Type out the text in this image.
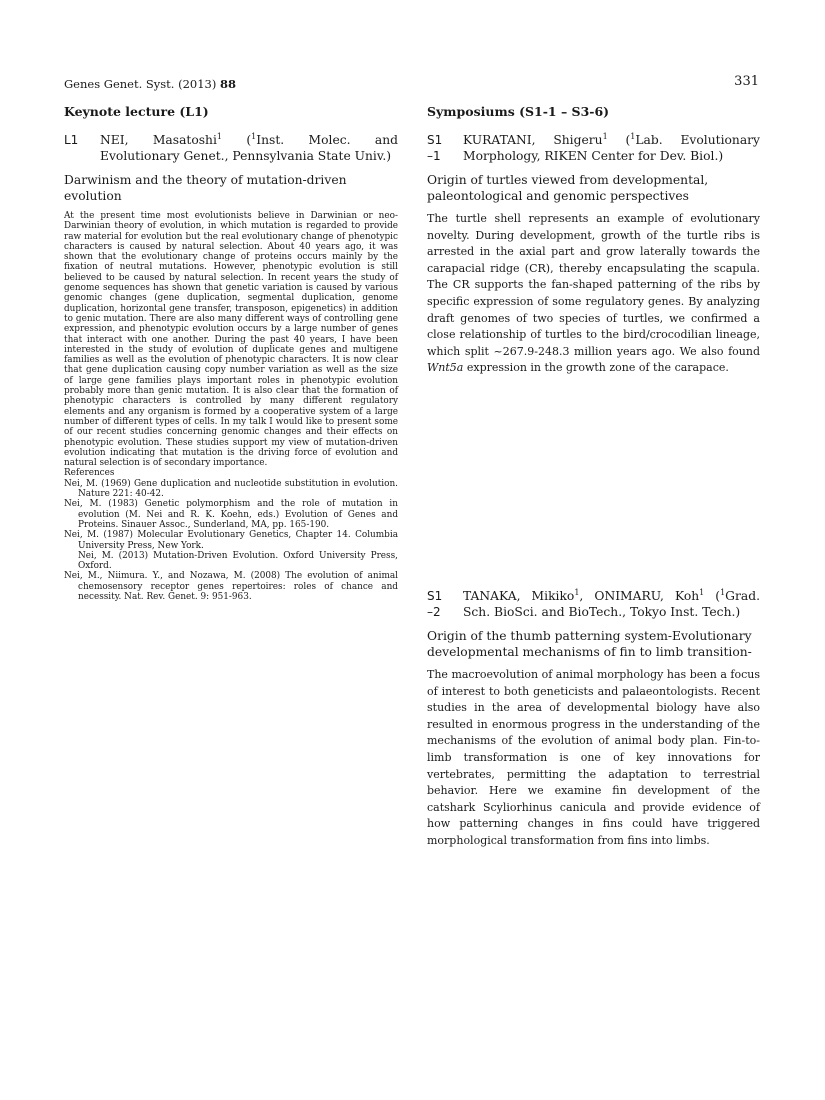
Genes Genet. Syst. (2013) 88	331
Keynote lecture (L1)
L1	NEI, Masatoshi$^1$ ($^1$Inst. Molec. and Evolutionary Genet., Pennsylvania State Univ.)
Darwinism and the theory of mutation-driven evolution

At the present time most evolutionists believe in Darwinian or neo-Darwinian theory of evolution, in which mutation is regarded to provide raw material for evolution but the real evolutionary change of phenotypic characters is caused by natural selection. About 40 years ago, it was shown that the evolutionary change of proteins occurs mainly by the fixation of neutral mutations. However, phenotypic evolution is still believed to be caused by natural selection. In recent years the study of genome sequences has shown that genetic variation is caused by various genomic changes (gene duplication, segmental duplication, genome duplication, horizontal gene transfer, transposon, epigenetics) in addition to genic mutation. There are also many different ways of controlling gene expression, and phenotypic evolution occurs by a large number of genes that interact with one another. During the past 40 years, I have been interested in the study of evolution of duplicate genes and multigene families as well as the evolution of phenotypic characters. It is now clear that gene duplication causing copy number variation as well as the size of large gene families plays important roles in phenotypic evolution probably more than genic mutation. It is also clear that the formation of phenotypic characters is controlled by many different regulatory elements and any organism is formed by a cooperative system of a large number of different types of cells. In my talk I would like to present some of our recent studies concerning genomic changes and their effects on phenotypic evolution. These studies support my view of mutation-driven evolution indicating that mutation is the driving force of evolution and natural selection is of secondary importance.

References

Nei, M. (1969) Gene duplication and nucleotide substitution in evolution. Nature 221: 40-42.

Nei, M. (1983) Genetic polymorphism and the role of mutation in evolution (M. Nei and R. K. Koehn, eds.) Evolution of Genes and Proteins. Sinauer Assoc., Sunderland, MA, pp. 165-190.

Nei, M. (1987) Molecular Evolutionary Genetics, Chapter 14. Columbia University Press, New York.

Nei, M. (2013) Mutation-Driven Evolution. Oxford University Press, Oxford.

Nei, M., Niimura. Y., and Nozawa, M. (2008) The evolution of animal chemosensory receptor genes repertoires: roles of chance and necessity. Nat. Rev. Genet. 9: 951-963.

Symposiums (S1-1 – S3-6)
S1
–1
KURATANI, Shigeru$^1$ ($^1$Lab. Evolutionary Morphology, RIKEN Center for Dev. Biol.)
Origin of turtles viewed from developmental, paleontological and genomic perspectives

The turtle shell represents an example of evolutionary novelty. During development, growth of the turtle ribs is arrested in the axial part and grow laterally towards the carapacial ridge (CR), thereby encapsulating the scapula. The CR supports the fan-shaped patterning of the ribs by specific expression of some regulatory genes. By analyzing draft genomes of two species of turtles, we confirmed a close relationship of turtles to the bird/crocodilian lineage, which split ~267.9-248.3 million years ago. We also found Wnt5a expression in the growth zone of the carapace.

S1
–2
TANAKA, Mikiko$^1$, ONIMARU, Koh$^1$ ($^1$Grad. Sch. BioSci. and BioTech., Tokyo Inst. Tech.)
Origin of the thumb patterning system-Evolutionary developmental mechanisms of fin to limb transition-

The macroevolution of animal morphology has been a focus of interest to both geneticists and palaeontologists. Recent studies in the area of developmental biology have also resulted in enormous progress in the understanding of the mechanisms of the evolution of animal body plan. Fin-to-limb transformation is one of key innovations for vertebrates, permitting the adaptation to terrestrial behavior. Here we examine fin development of the catshark Scyliorhinus canicula and provide evidence of how patterning changes in fins could have triggered morphological transformation from fins into limbs.
